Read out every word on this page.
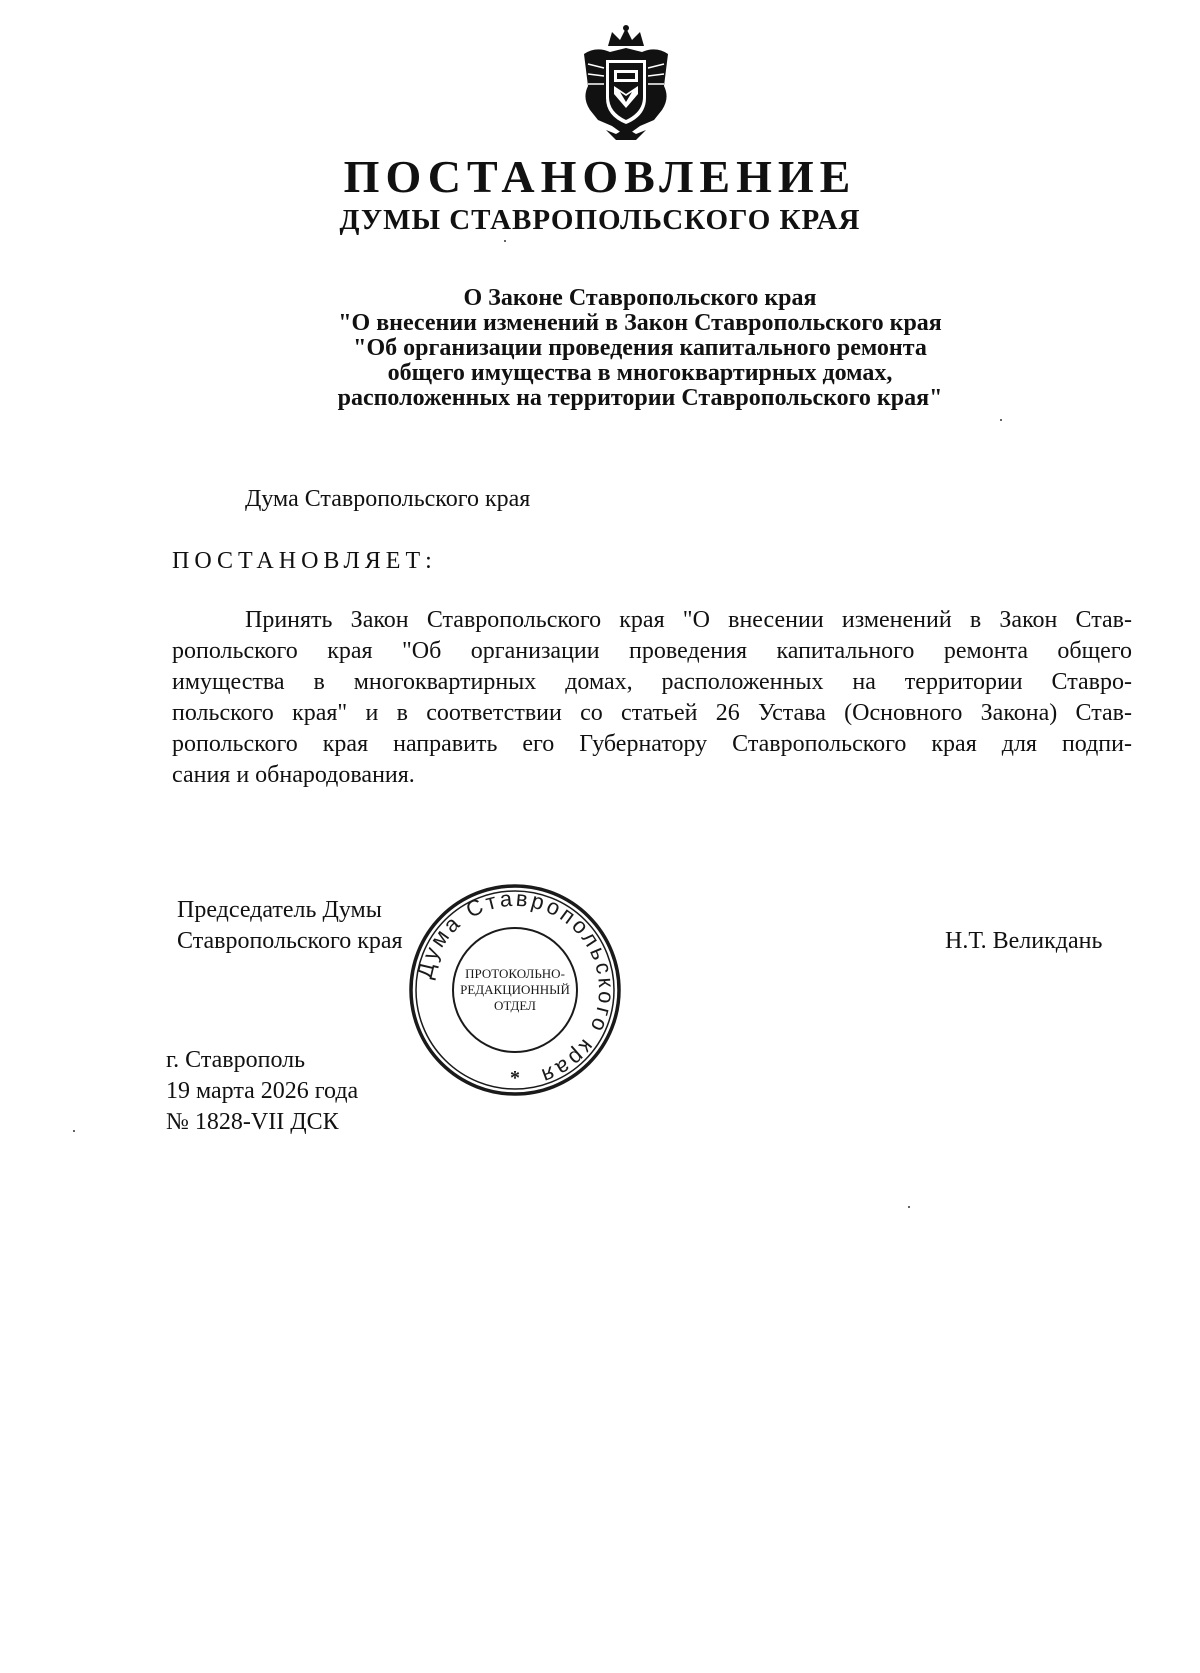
ПОСТАНОВЛЕНИЕ
ДУМЫ СТАВРОПОЛЬСКОГО КРАЯ
О Законе Ставропольского края
"О внесении изменений в Закон Ставропольского края
"Об организации проведения капитального ремонта
общего имущества в многоквартирных домах,
расположенных на территории Ставропольского края"
Дума Ставропольского края
ПОСТАНОВЛЯЕТ:
Принять Закон Ставропольского края "О внесении изменений в Закон Став-
ропольского края "Об организации проведения капитального ремонта общего
имущества в многоквартирных домах, расположенных на территории Ставро-
польского края" и в соответствии со статьей 26 Устава (Основного Закона) Став-
ропольского края направить его Губернатору Ставропольского края для подпи-
сания и обнародования.
Председатель Думы
Ставропольского края	Н.Т. Великдань
г. Ставрополь
19 марта 2026 года
№ 1828-VII ДСК
Дума Ставропольского края
ПРОТОКОЛЬНО-
РЕДАКЦИОННЫЙ
ОТДЕЛ
*
